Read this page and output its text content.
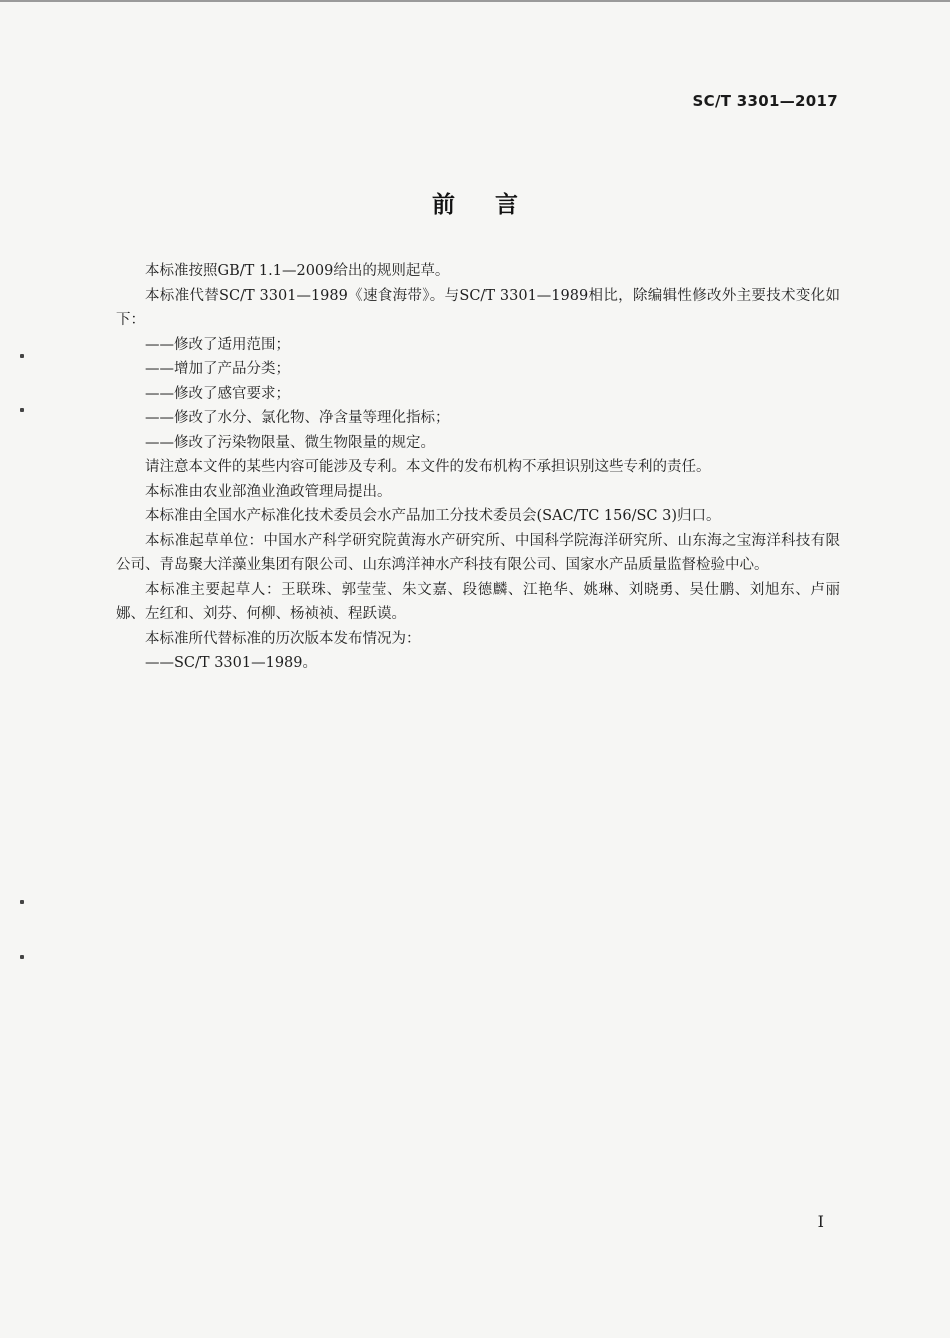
SC/T 3301—2017
前言

本标准按照GB/T 1.1—2009给出的规则起草。

本标准代替SC/T 3301—1989《速食海带》。与SC/T 3301—1989相比，除编辑性修改外主要技术变化如下：

——修改了适用范围；

——增加了产品分类；

——修改了感官要求；

——修改了水分、氯化物、净含量等理化指标；

——修改了污染物限量、微生物限量的规定。

请注意本文件的某些内容可能涉及专利。本文件的发布机构不承担识别这些专利的责任。

本标准由农业部渔业渔政管理局提出。

本标准由全国水产标准化技术委员会水产品加工分技术委员会(SAC/TC 156/SC 3)归口。

本标准起草单位：中国水产科学研究院黄海水产研究所、中国科学院海洋研究所、山东海之宝海洋科技有限公司、青岛聚大洋藻业集团有限公司、山东鸿洋神水产科技有限公司、国家水产品质量监督检验中心。

本标准主要起草人：王联珠、郭莹莹、朱文嘉、段德麟、江艳华、姚琳、刘晓勇、吴仕鹏、刘旭东、卢丽娜、左红和、刘芬、何柳、杨祯祯、程跃谟。

本标准所代替标准的历次版本发布情况为：

——SC/T 3301—1989。

I
